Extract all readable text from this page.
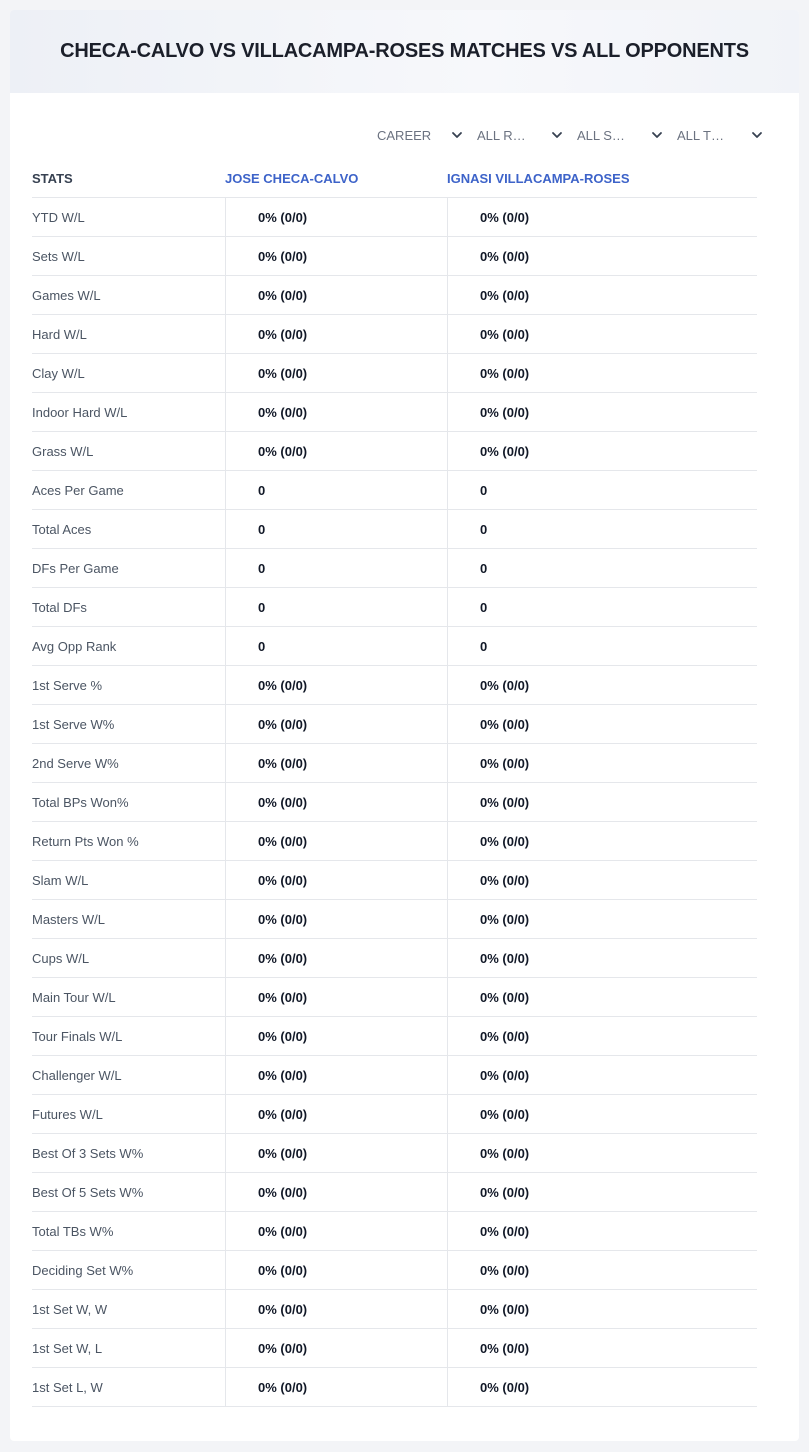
CHECA-CALVO VS VILLACAMPA-ROSES MATCHES VS ALL OPPONENTS
CAREER	ALL R…	ALL S…	ALL T…
STATS	JOSE CHECA-CALVO	IGNASI VILLACAMPA-ROSES
YTD W/L	0% (0/0)	0% (0/0)
Sets W/L	0% (0/0)	0% (0/0)
Games W/L	0% (0/0)	0% (0/0)
Hard W/L	0% (0/0)	0% (0/0)
Clay W/L	0% (0/0)	0% (0/0)
Indoor Hard W/L	0% (0/0)	0% (0/0)
Grass W/L	0% (0/0)	0% (0/0)
Aces Per Game	0	0
Total Aces	0	0
DFs Per Game	0	0
Total DFs	0	0
Avg Opp Rank	0	0
1st Serve %	0% (0/0)	0% (0/0)
1st Serve W%	0% (0/0)	0% (0/0)
2nd Serve W%	0% (0/0)	0% (0/0)
Total BPs Won%	0% (0/0)	0% (0/0)
Return Pts Won %	0% (0/0)	0% (0/0)
Slam W/L	0% (0/0)	0% (0/0)
Masters W/L	0% (0/0)	0% (0/0)
Cups W/L	0% (0/0)	0% (0/0)
Main Tour W/L	0% (0/0)	0% (0/0)
Tour Finals W/L	0% (0/0)	0% (0/0)
Challenger W/L	0% (0/0)	0% (0/0)
Futures W/L	0% (0/0)	0% (0/0)
Best Of 3 Sets W%	0% (0/0)	0% (0/0)
Best Of 5 Sets W%	0% (0/0)	0% (0/0)
Total TBs W%	0% (0/0)	0% (0/0)
Deciding Set W%	0% (0/0)	0% (0/0)
1st Set W, W	0% (0/0)	0% (0/0)
1st Set W, L	0% (0/0)	0% (0/0)
1st Set L, W	0% (0/0)	0% (0/0)
